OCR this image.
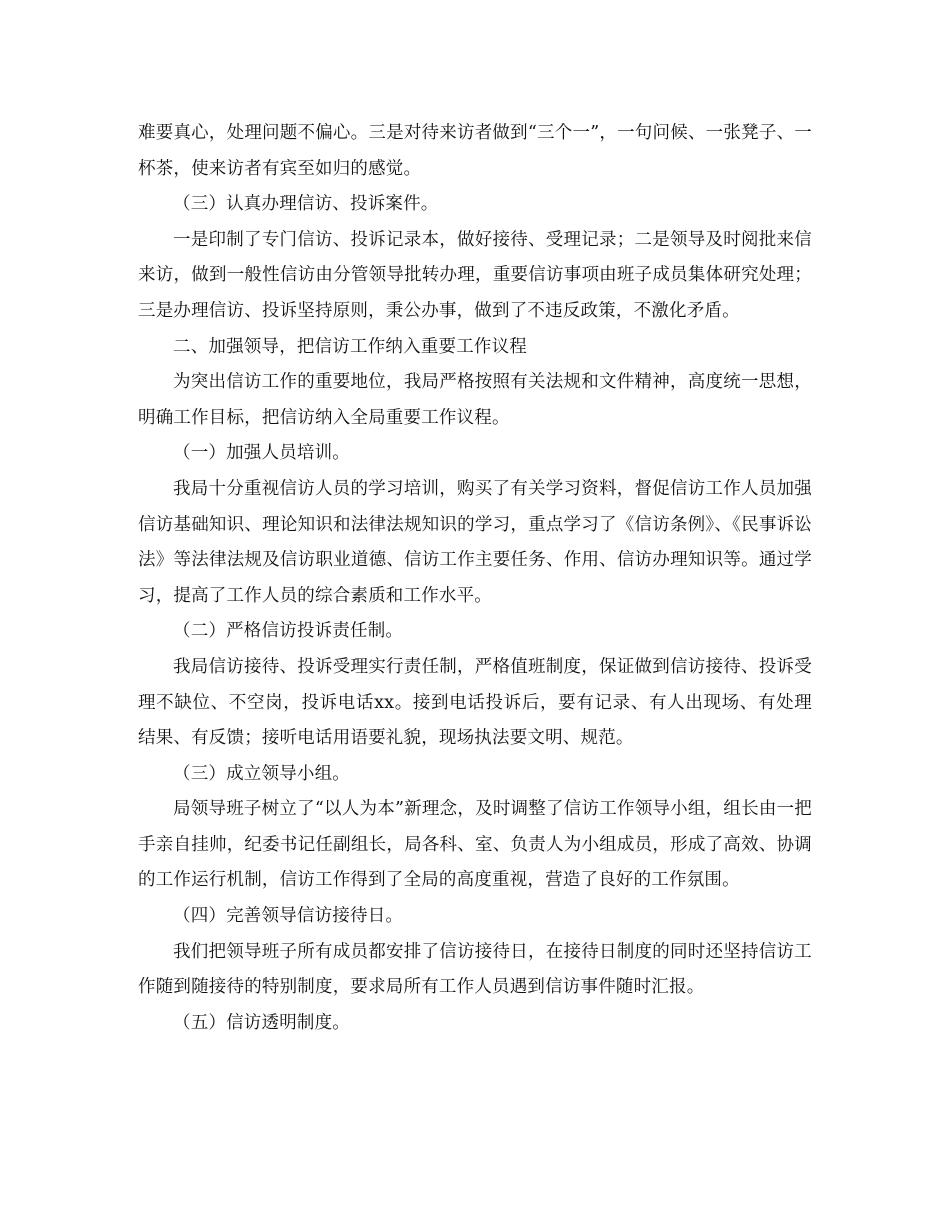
难要真心，处理问题不偏心。三是对待来访者做到“三个一”，一句问候、一张凳子、一杯茶，使来访者有宾至如归的感觉。

（三）认真办理信访、投诉案件。

一是印制了专门信访、投诉记录本，做好接待、受理记录；二是领导及时阅批来信来访，做到一般性信访由分管领导批转办理，重要信访事项由班子成员集体研究处理；三是办理信访、投诉坚持原则，秉公办事，做到了不违反政策，不激化矛盾。

二、加强领导，把信访工作纳入重要工作议程

为突出信访工作的重要地位，我局严格按照有关法规和文件精神，高度统一思想，明确工作目标，把信访纳入全局重要工作议程。

（一）加强人员培训。

我局十分重视信访人员的学习培训，购买了有关学习资料，督促信访工作人员加强信访基础知识、理论知识和法律法规知识的学习，重点学习了《信访条例》、《民事诉讼法》等法律法规及信访职业道德、信访工作主要任务、作用、信访办理知识等。通过学习，提高了工作人员的综合素质和工作水平。

（二）严格信访投诉责任制。

我局信访接待、投诉受理实行责任制，严格值班制度，保证做到信访接待、投诉受理不缺位、不空岗，投诉电话xx。接到电话投诉后，要有记录、有人出现场、有处理结果、有反馈；接听电话用语要礼貌，现场执法要文明、规范。

（三）成立领导小组。

局领导班子树立了“以人为本”新理念，及时调整了信访工作领导小组，组长由一把手亲自挂帅，纪委书记任副组长，局各科、室、负责人为小组成员，形成了高效、协调的工作运行机制，信访工作得到了全局的高度重视，营造了良好的工作氛围。

（四）完善领导信访接待日。

我们把领导班子所有成员都安排了信访接待日，在接待日制度的同时还坚持信访工作随到随接待的特别制度，要求局所有工作人员遇到信访事件随时汇报。

（五）信访透明制度。
